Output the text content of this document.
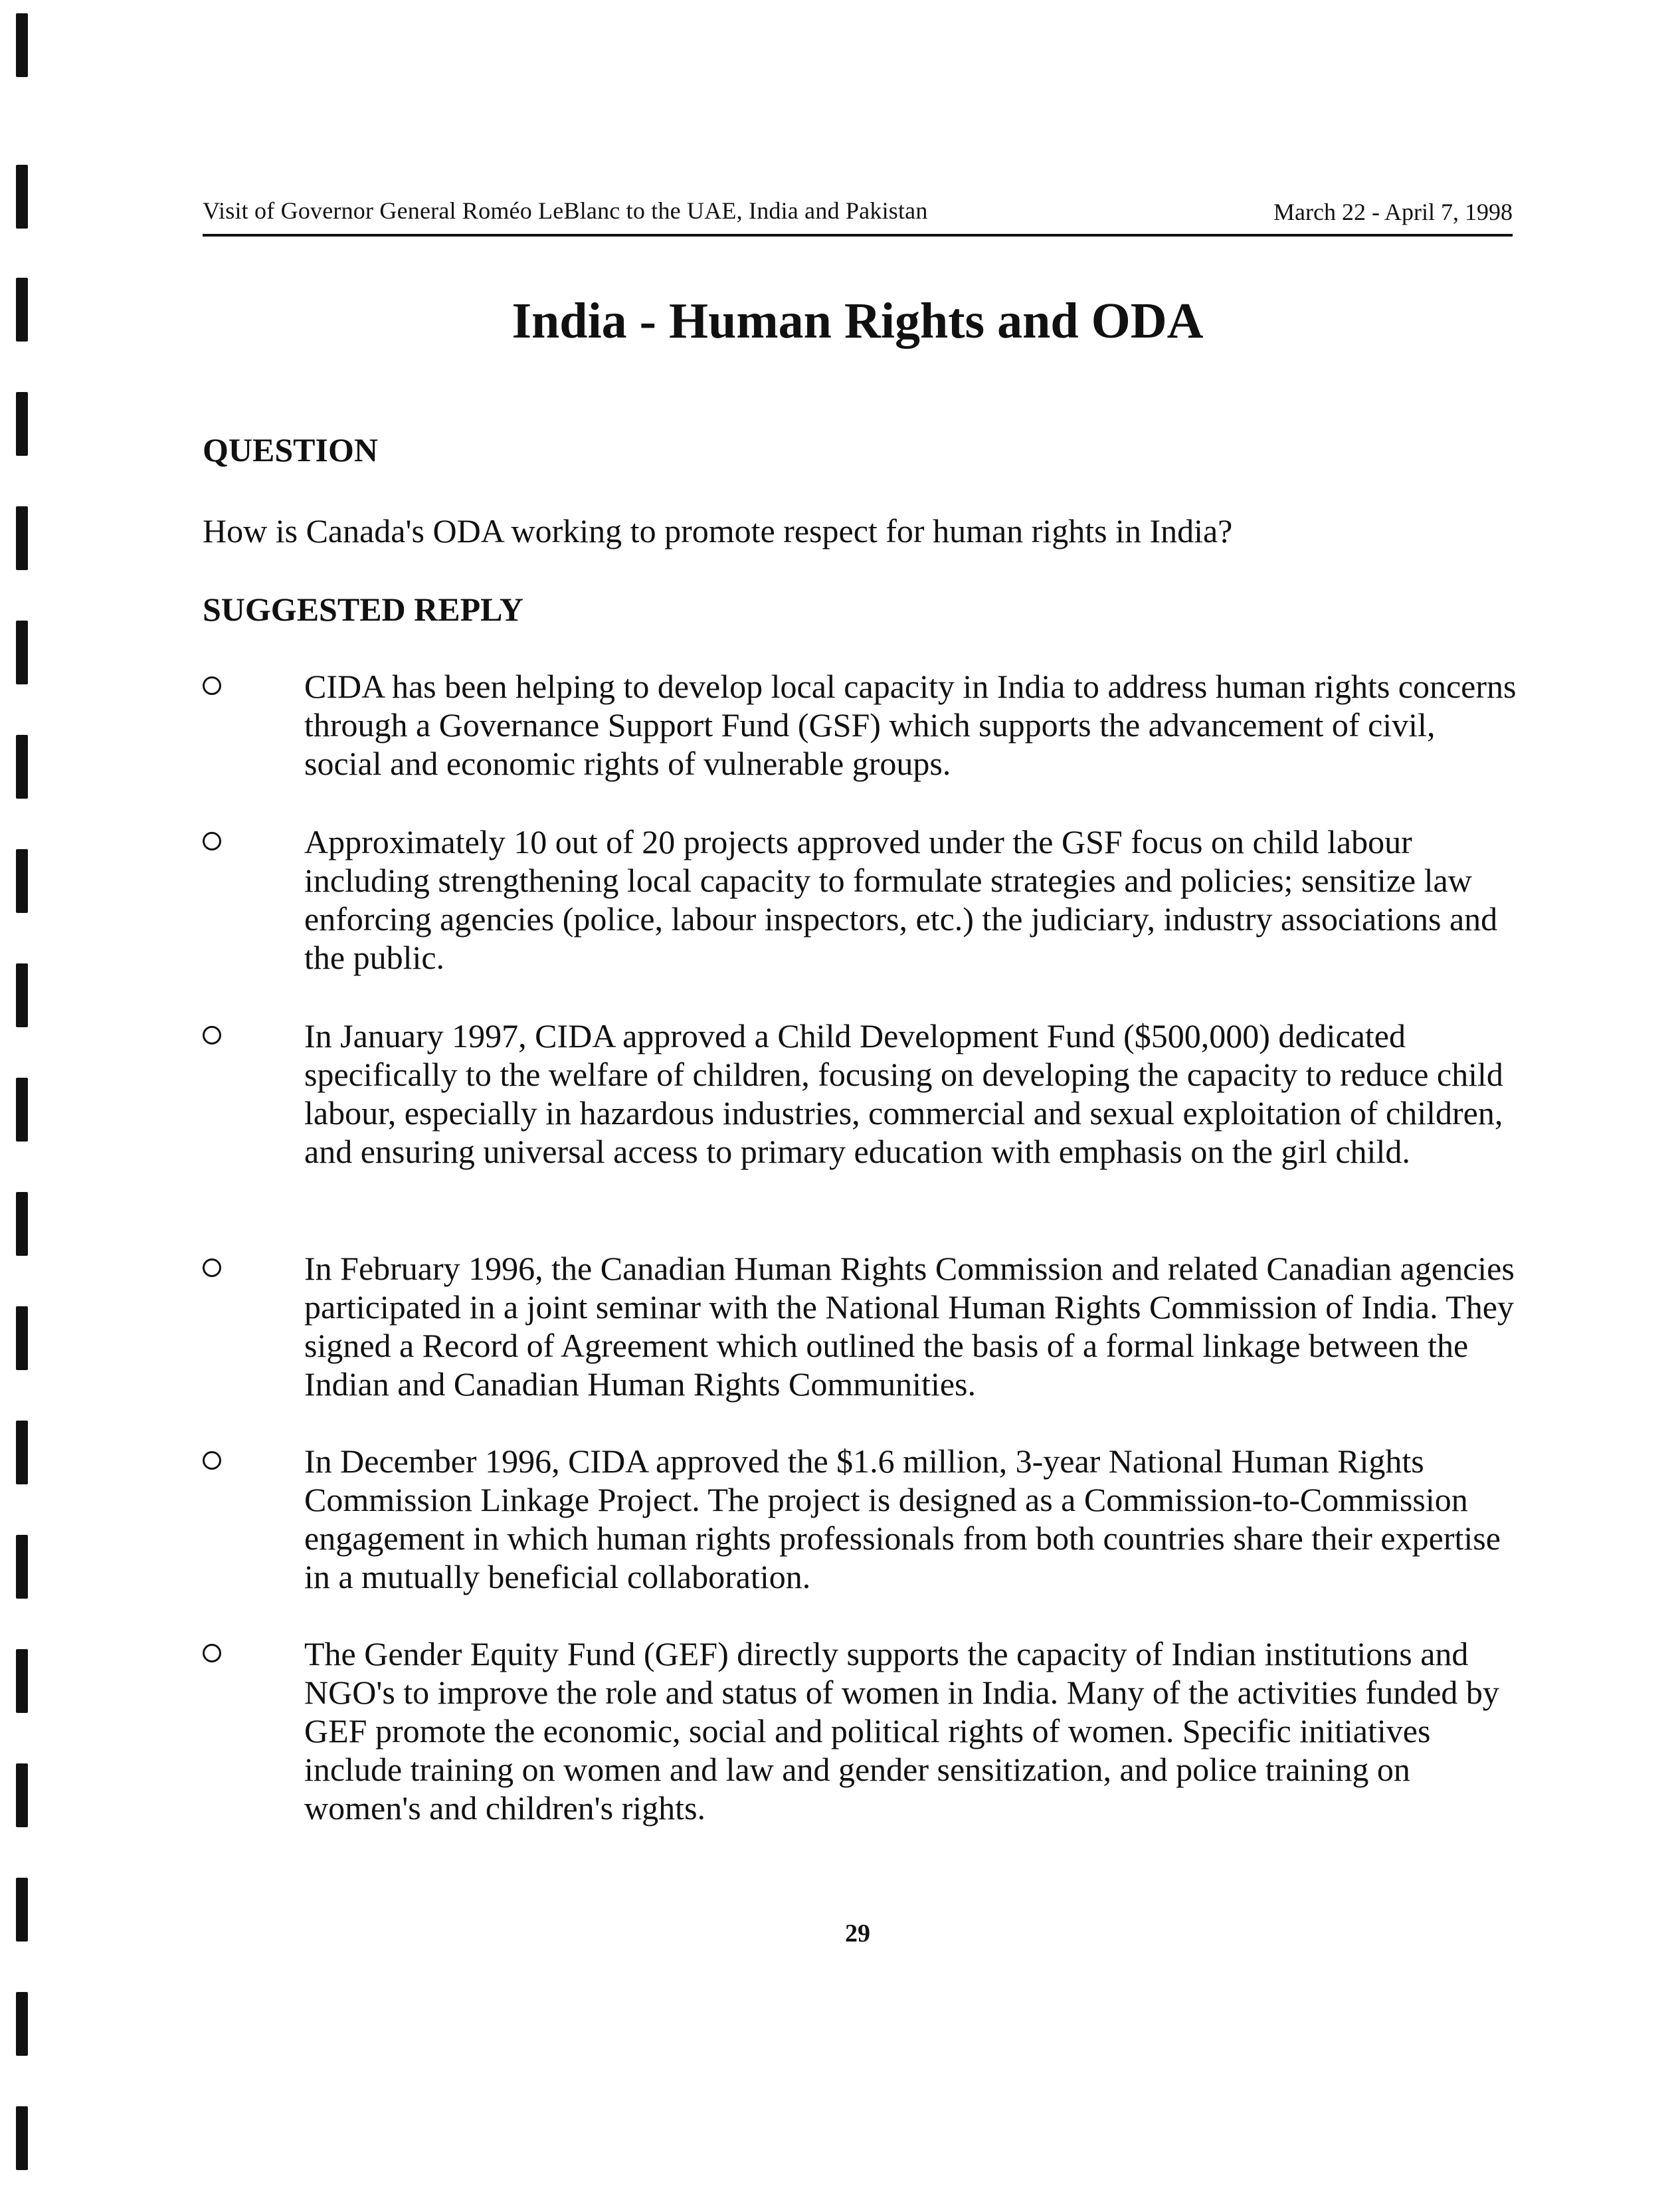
Visit of Governor General Roméo LeBlanc to the UAE, India and Pakistan	March 22 - April 7, 1998
India - Human Rights and ODA
QUESTION

How is Canada's ODA working to promote respect for human rights in India?

SUGGESTED REPLY

CIDA has been helping to develop local capacity in India to address human rights concerns through a Governance Support Fund (GSF) which supports the advancement of civil, social and economic rights of vulnerable groups.

Approximately 10 out of 20 projects approved under the GSF focus on child labour including strengthening local capacity to formulate strategies and policies; sensitize law enforcing agencies (police, labour inspectors, etc.) the judiciary, industry associations and the public.

In January 1997, CIDA approved a Child Development Fund ($500,000) dedicated specifically to the welfare of children, focusing on developing the capacity to reduce child labour, especially in hazardous industries, commercial and sexual exploitation of children, and ensuring universal access to primary education with emphasis on the girl child.

In February 1996, the Canadian Human Rights Commission and related Canadian agencies participated in a joint seminar with the National Human Rights Commission of India. They signed a Record of Agreement which outlined the basis of a formal linkage between the Indian and Canadian Human Rights Communities.

In December 1996, CIDA approved the $1.6 million, 3-year National Human Rights Commission Linkage Project. The project is designed as a Commission-to-Commission engagement in which human rights professionals from both countries share their expertise in a mutually beneficial collaboration.

The Gender Equity Fund (GEF) directly supports the capacity of Indian institutions and NGO's to improve the role and status of women in India. Many of the activities funded by GEF promote the economic, social and political rights of women. Specific initiatives include training on women and law and gender sensitization, and police training on women's and children's rights.

29
